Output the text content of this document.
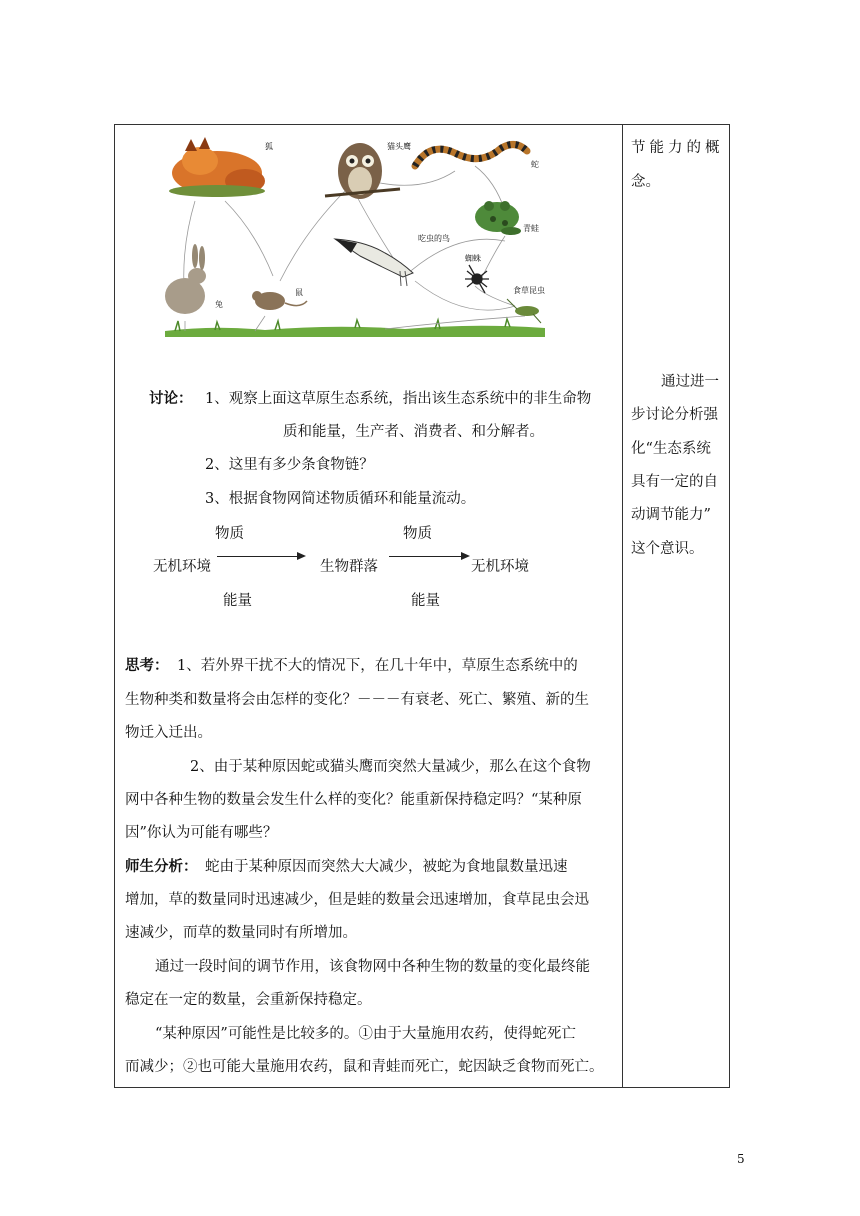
狐	猫头鹰
蛇
青蛙
吃虫的鸟
蜘蛛
兔
鼠	食草昆虫
讨论： 1、观察上面这草原生态系统，指出该生态系统中的非生命物
质和能量，生产者、消费者、和分解者。
2、这里有多少条食物链？
3、根据食物网简述物质循环和能量流动。
物质	物质
无机环境	生物群落	无机环境
能量	能量
思考： 1、若外界干扰不大的情况下，在几十年中，草原生态系统中的
生物种类和数量将会由怎样的变化？－－－有衰老、死亡、繁殖、新的生
物迁入迁出。
2、由于某种原因蛇或猫头鹰而突然大量减少，那么在这个食物
网中各种生物的数量会发生什么样的变化？能重新保持稳定吗？“某种原
因”你认为可能有哪些？
师生分析： 蛇由于某种原因而突然大大减少，被蛇为食地鼠数量迅速
增加，草的数量同时迅速减少，但是蛙的数量会迅速增加，食草昆虫会迅
速减少，而草的数量同时有所增加。
通过一段时间的调节作用，该食物网中各种生物的数量的变化最终能
稳定在一定的数量，会重新保持稳定。
“某种原因”可能性是比较多的。①由于大量施用农药，使得蛇死亡
而减少；②也可能大量施用农药，鼠和青蛙而死亡，蛇因缺乏食物而死亡。
节能力的概
念。
通过进一
步讨论分析强
化“生态系统
具有一定的自
动调节能力”
这个意识。
5
